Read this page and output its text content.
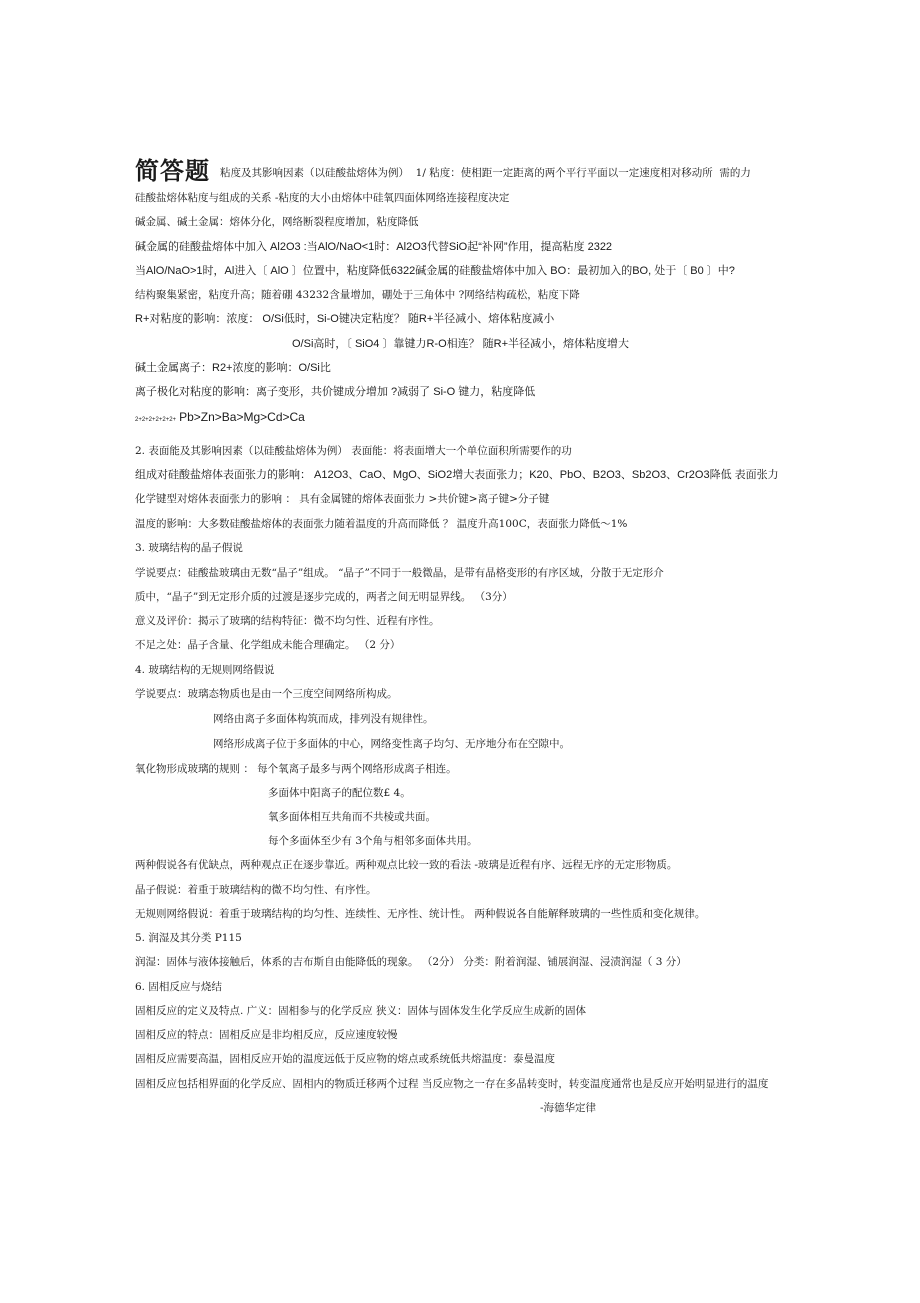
简答题 粘度及其影响因素（以硅酸盐熔体为例）  1/ 粘度：使相距一定距离的两个平行平面以一定速度相对移动所  需的力
硅酸盐熔体粘度与组成的关系 -粘度的大小由熔体中硅氧四面体网络连接程度决定
碱金属、碱土金属：熔体分化，网络断裂程度增加，粘度降低
碱金属的硅酸盐熔体中加入 Al2O3 :当AlO/NaO<1时：Al2O3代替SiO起“补网”作用，提高粘度 2322
当AlO/NaO>1时，Al进入〔 AlO 〕位置中，粘度降低6322碱金属的硅酸盐熔体中加入 BO：最初加入的BO, 处于〔 B0 〕中?
结构聚集紧密，粘度升高；随着硼 43232含量增加，硼处于三角体中 ?网络结构疏松，粘度下降
R+对粘度的影响：浓度： O/Si低时，Si-O键决定粘度？ 随R+半径减小、熔体粘度减小
O/Si高时，〔 SiO4 〕靠键力R-O相连？ 随R+半径减小，熔体粘度增大
碱土金属离子：R2+浓度的影响：O/Si比
离子极化对粘度的影响：离子变形，共价键成分增加 ?减弱了 Si-O 键力，粘度降低
2+2+2+2+2+2+ Pb>Zn>Ba>Mg>Cd>Ca
2. 表面能及其影响因素（以硅酸盐熔体为例） 表面能：将表面增大一个单位面积所需要作的功
组成对硅酸盐熔体表面张力的影响： A12O3、CaO、MgO、SiO2增大表面张力；K20、PbO、B2O3、Sb2O3、Cr2O3降低 表面张力
化学键型对熔体表面张力的影响 ： 具有金属键的熔体表面张力 >共价键>离子键>分子键
温度的影响：大多数硅酸盐熔体的表面张力随着温度的升高而降低 ？ 温度升高100C，表面张力降低～1%
3. 玻璃结构的晶子假说
学说要点：硅酸盐玻璃由无数“晶子”组成。 “晶子”不同于一般微晶，是带有晶格变形的有序区域，分散于无定形介
质中，“晶子”到无定形介质的过渡是逐步完成的，两者之间无明显界线。 （3分）
意义及评价：揭示了玻璃的结构特征：微不均匀性、近程有序性。
不足之处：晶子含量、化学组成未能合理确定。 （2 分）
4. 玻璃结构的无规则网络假说
学说要点：玻璃态物质也是由一个三度空间网络所构成。
网络由离子多面体构筑而成，排列没有规律性。
网络形成离子位于多面体的中心，网络变性离子均匀、无序地分布在空隙中。
氧化物形成玻璃的规则 ： 每个氧离子最多与两个网络形成离子相连。
多面体中阳离子的配位数£ 4。
氧多面体相互共角而不共棱或共面。
每个多面体至少有 3个角与相邻多面体共用。
两种假说各有优缺点，两种观点正在逐步靠近。两种观点比较一致的看法 -玻璃是近程有序、远程无序的无定形物质。
晶子假说：着重于玻璃结构的微不均匀性、有序性。
无规则网络假说：着重于玻璃结构的均匀性、连续性、无序性、统计性。 两种假说各自能解释玻璃的一些性质和变化规律。
5. 润湿及其分类 P115
润湿：固体与液体接触后，体系的吉布斯自由能降低的现象。 （2分） 分类：附着润湿、铺展润湿、浸渍润湿（ 3 分）
6. 固相反应与烧结
固相反应的定义及特点. 广义：固相参与的化学反应 狭义：固体与固体发生化学反应生成新的固体
固相反应的特点：固相反应是非均相反应，反应速度较慢
固相反应需要高温，固相反应开始的温度远低于反应物的熔点或系统低共熔温度：泰曼温度
固相反应包括相界面的化学反应、固相内的物质迁移两个过程 当反应物之一存在多晶转变时，转变温度通常也是反应开始明显进行的温度
-海德华定律
